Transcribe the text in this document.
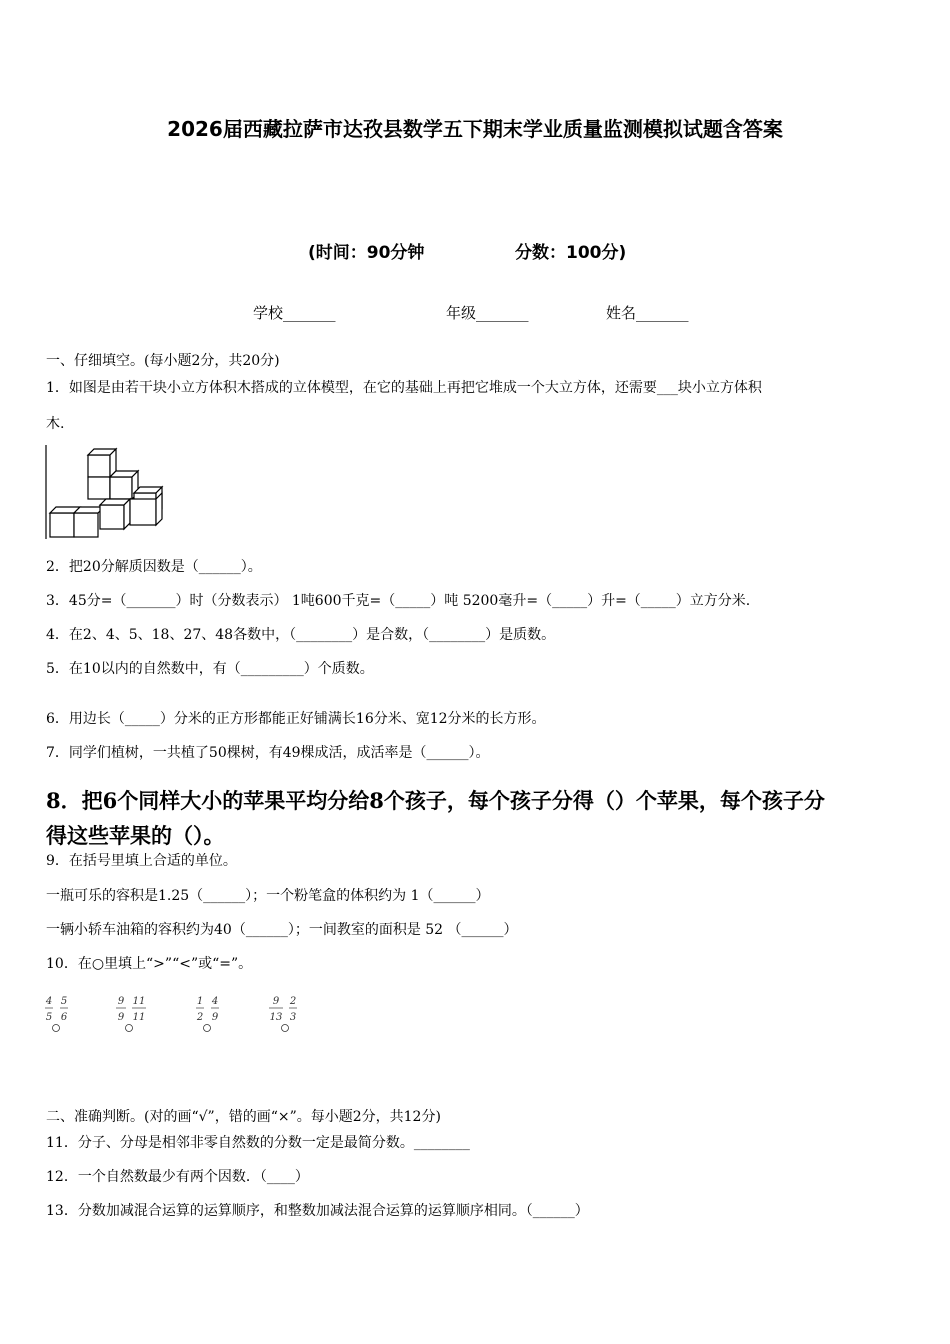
2026届西藏拉萨市达孜县数学五下期末学业质量监测模拟试题含答案
(时间：90分钟	分数：100分)
学校_______	年级_______	姓名_______
一、仔细填空。(每小题2分，共20分)
1．如图是由若干块小立方体积木搭成的立体模型，在它的基础上再把它堆成一个大立方体，还需要___块小立方体积
木.
2．把20分解质因数是（______）。
3．45分=（_______）时（分数表示） 1吨600千克=（_____）吨 5200毫升=（_____）升=（_____）立方分米.
4．在2、4、5、18、27、48各数中，（________）是合数，（________）是质数。
5．在10以内的自然数中，有（_________）个质数。
6．用边长（_____）分米的正方形都能正好铺满长16分米、宽12分米的长方形。
7．同学们植树，一共植了50棵树，有49棵成活，成活率是（______）。
8．把6个同样大小的苹果平均分给8个孩子，每个孩子分得（）个苹果，每个孩子分
得这些苹果的（）。
9．在括号里填上合适的单位。
一瓶可乐的容积是1.25（______）；一个粉笔盒的体积约为 1（______）
一辆小轿车油箱的容积约为40（______）；一间教室的面积是 52 （______）
10．在○里填上“>”“<”或“=”。
4
5
5
6
9
9
11
11
1
2
4
9
9
13
2
3
二、准确判断。(对的画“√”，错的画“×”。每小题2分，共12分)
11．分子、分母是相邻非零自然数的分数一定是最简分数。________
12．一个自然数最少有两个因数．（____）
13．分数加减混合运算的运算顺序，和整数加减法混合运算的运算顺序相同。（______）
